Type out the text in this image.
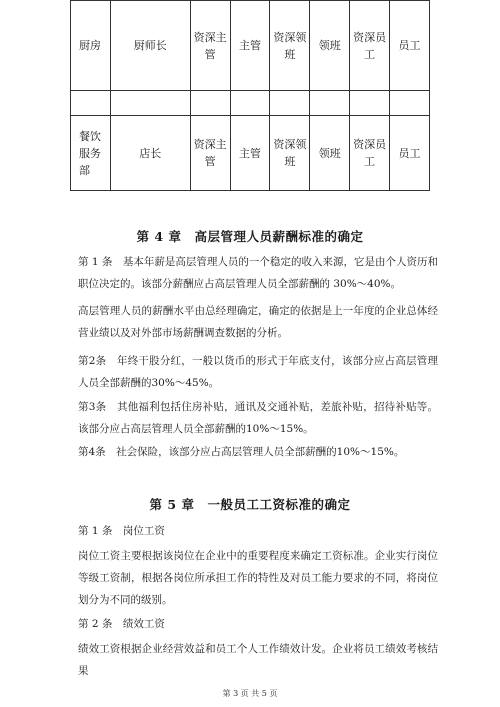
厨房	厨师长	资深主管	主管	资深领班	领班	资深员工	员工

餐饮服务部	店长	资深主管	主管	资深领班	领班	资深员工	员工
第 4 章　高层管理人员薪酬标准的确定
第 1 条　基本年薪是高层管理人员的一个稳定的收入来源，它是由个人资历和职位决定的。该部分薪酬应占高层管理人员全部薪酬的 30%～40%。
高层管理人员的薪酬水平由总经理确定，确定的依据是上一年度的企业总体经营业绩以及对外部市场薪酬调查数据的分析。
第2条　年终干股分红，一般以货币的形式于年底支付，该部分应占高层管理人员全部薪酬的30%～45%。
第3条　其他福利包括住房补贴，通讯及交通补贴，差旅补贴，招待补贴等。该部分应占高层管理人员全部薪酬的10%～15%。
第4条　社会保险，该部分应占高层管理人员全部薪酬的10%～15%。
第 5 章　一般员工工资标准的确定
第 1 条　岗位工资
岗位工资主要根据该岗位在企业中的重要程度来确定工资标准。企业实行岗位等级工资制，根据各岗位所承担工作的特性及对员工能力要求的不同，将岗位划分为不同的级别。
第 2 条　绩效工资
绩效工资根据企业经营效益和员工个人工作绩效计发。企业将员工绩效考核结果
第 3 页 共 5 页
